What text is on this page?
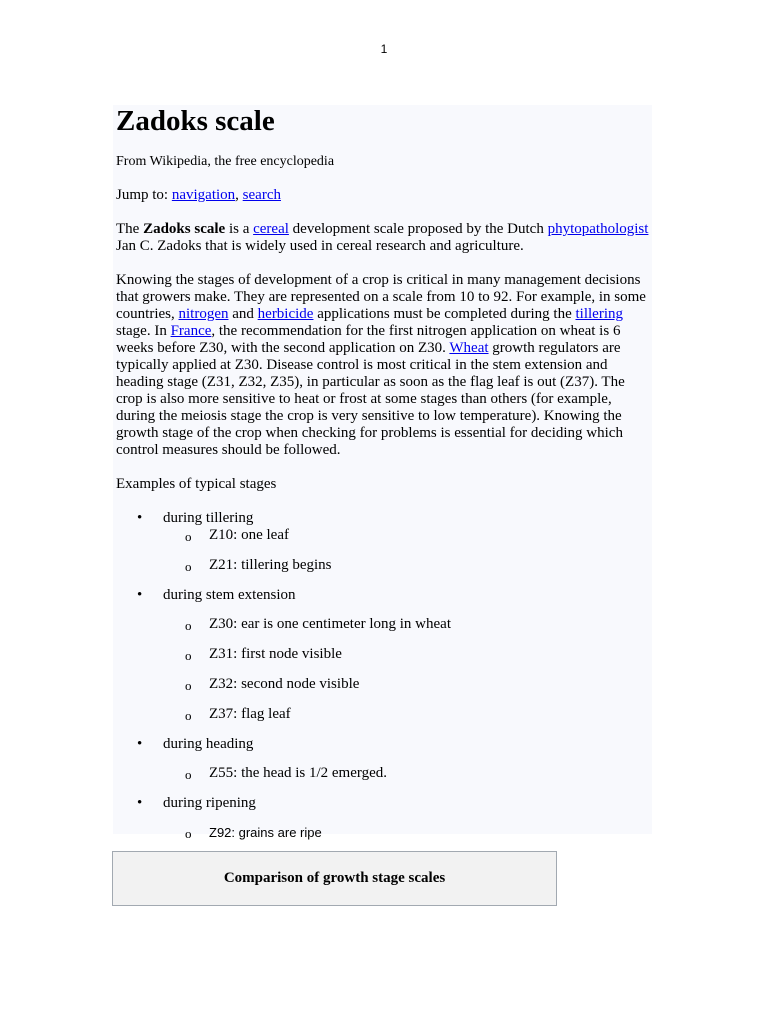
1
Zadoks scale
From Wikipedia, the free encyclopedia

Jump to: navigation, search

The Zadoks scale is a cereal development scale proposed by the Dutch phytopathologist Jan C. Zadoks that is widely used in cereal research and agriculture.

Knowing the stages of development of a crop is critical in many management decisions that growers make. They are represented on a scale from 10 to 92. For example, in some countries, nitrogen and herbicide applications must be completed during the tillering stage. In France, the recommendation for the first nitrogen application on wheat is 6 weeks before Z30, with the second application on Z30. Wheat growth regulators are typically applied at Z30. Disease control is most critical in the stem extension and heading stage (Z31, Z32, Z35), in particular as soon as the flag leaf is out (Z37). The crop is also more sensitive to heat or frost at some stages than others (for example, during the meiosis stage the crop is very sensitive to low temperature). Knowing the growth stage of the crop when checking for problems is essential for deciding which control measures should be followed.

Examples of typical stages

• during tillering
o Z10: one leaf
o Z21: tillering begins
• during stem extension
o Z30: ear is one centimeter long in wheat
o Z31: first node visible
o Z32: second node visible
o Z37: flag leaf
• during heading
o Z55: the head is 1/2 emerged.
• during ripening
o Z92: grains are ripe
Comparison of growth stage scales
